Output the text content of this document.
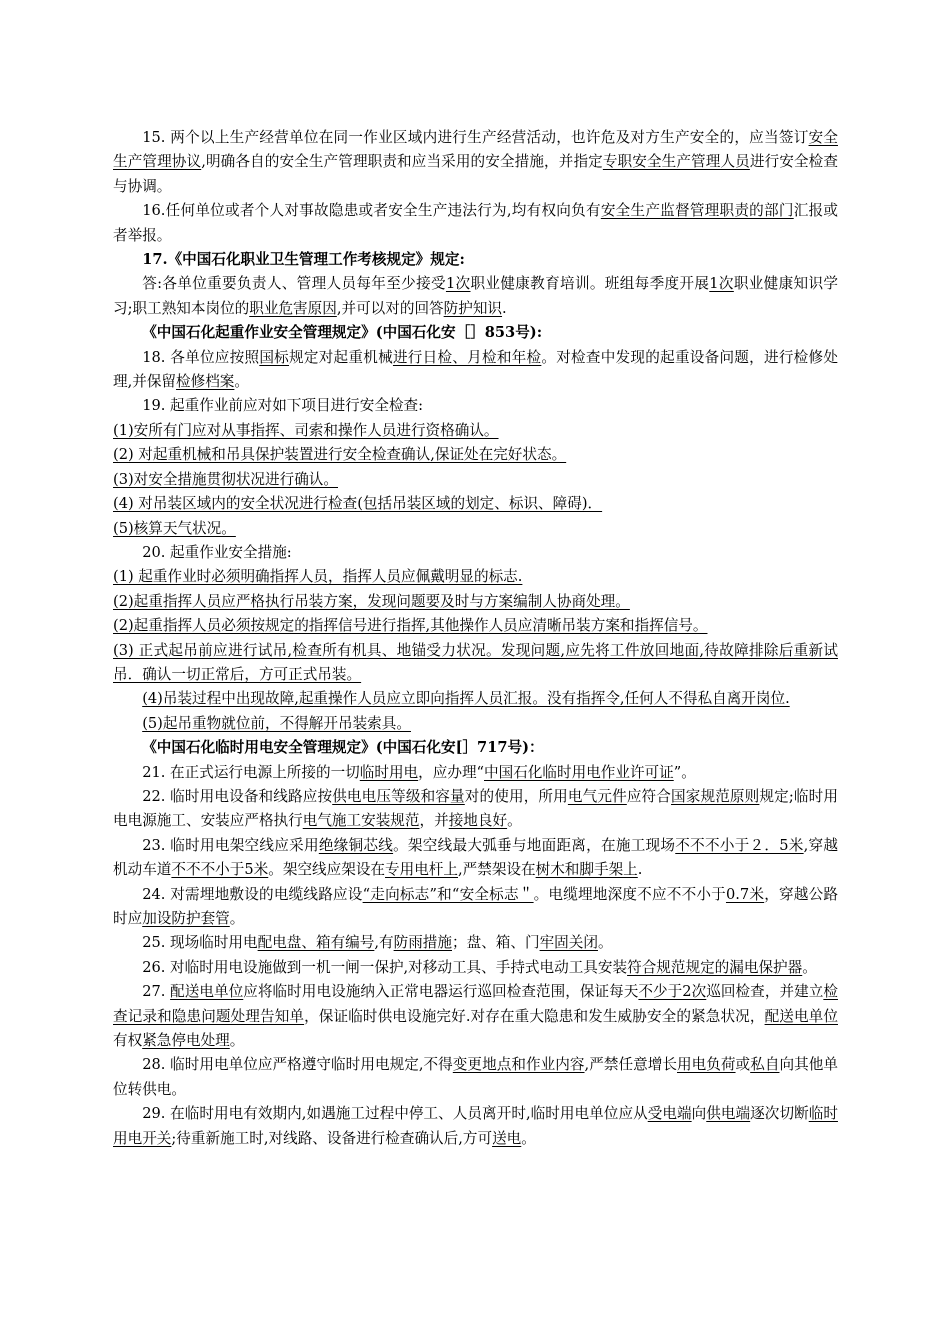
15. 两个以上生产经营单位在同一作业区域内进行生产经营活动，也许危及对方生产安全的，应当签订安全生产管理协议,明确各自的安全生产管理职责和应当采用的安全措施，并指定专职安全生产管理人员进行安全检查与协调。

16.任何单位或者个人对事故隐患或者安全生产违法行为,均有权向负有安全生产监督管理职责的部门汇报或者举报。

17.《中国石化职业卫生管理工作考核规定》规定:

答:各单位重要负责人、管理人员每年至少接受1次职业健康教育培训。班组每季度开展1次职业健康知识学习;职工熟知本岗位的职业危害原因,并可以对的回答防护知识.

《中国石化起重作业安全管理规定》(中国石化安［］853号):

18. 各单位应按照国标规定对起重机械进行日检、月检和年检。对检查中发现的起重设备问题，进行检修处理,并保留检修档案。

19. 起重作业前应对如下项目进行安全检查:

(1)安所有门应对从事指挥、司索和操作人员进行资格确认。

(2) 对起重机械和吊具保护装置进行安全检查确认,保证处在完好状态。

(3)对安全措施贯彻状况进行确认。

(4) 对吊装区域内的安全状况进行检查(包括吊装区域的划定、标识、障碍)．

(5)核算天气状况。

20. 起重作业安全措施:

(1) 起重作业时必须明确指挥人员，指挥人员应佩戴明显的标志.

(2)起重指挥人员应严格执行吊装方案，发现问题要及时与方案编制人协商处理。

(2)起重指挥人员必须按规定的指挥信号进行指挥,其他操作人员应清晰吊装方案和指挥信号。

(3) 正式起吊前应进行试吊,检查所有机具、地锚受力状况。发现问题,应先将工件放回地面,待故障排除后重新试吊．确认一切正常后，方可正式吊装。

(4)吊装过程中出现故障,起重操作人员应立即向指挥人员汇报。没有指挥令,任何人不得私自离开岗位.

(5)起吊重物就位前，不得解开吊装索具。

《中国石化临时用电安全管理规定》(中国石化安[］717号)：

21. 在正式运行电源上所接的一切临时用电，应办理“中国石化临时用电作业许可证”。

22. 临时用电设备和线路应按供电电压等级和容量对的使用，所用电气元件应符合国家规范原则规定;临时用电电源施工、安装应严格执行电气施工安装规范，并接地良好。

23. 临时用电架空线应采用绝缘铜芯线。架空线最大弧垂与地面距离，在施工现场不不不小于２．5米,穿越机动车道不不不小于5米。架空线应架设在专用电杆上,严禁架设在树木和脚手架上.

24. 对需埋地敷设的电缆线路应设“走向标志”和“安全标志＂。电缆埋地深度不应不不小于0.7米，穿越公路时应加设防护套管。

25. 现场临时用电配电盘、箱有编号,有防雨措施；盘、箱、门牢固关闭。

26. 对临时用电设施做到一机一闸一保护,对移动工具、手持式电动工具安装符合规范规定的漏电保护器。

27. 配送电单位应将临时用电设施纳入正常电器运行巡回检查范围，保证每天不少于2次巡回检查，并建立检查记录和隐患问题处理告知单，保证临时供电设施完好.对存在重大隐患和发生威胁安全的紧急状况，配送电单位有权紧急停电处理。

28. 临时用电单位应严格遵守临时用电规定,不得变更地点和作业内容,严禁任意增长用电负荷或私自向其他单位转供电。

29. 在临时用电有效期内,如遇施工过程中停工、人员离开时,临时用电单位应从受电端向供电端逐次切断临时用电开关;待重新施工时,对线路、设备进行检查确认后,方可送电。
